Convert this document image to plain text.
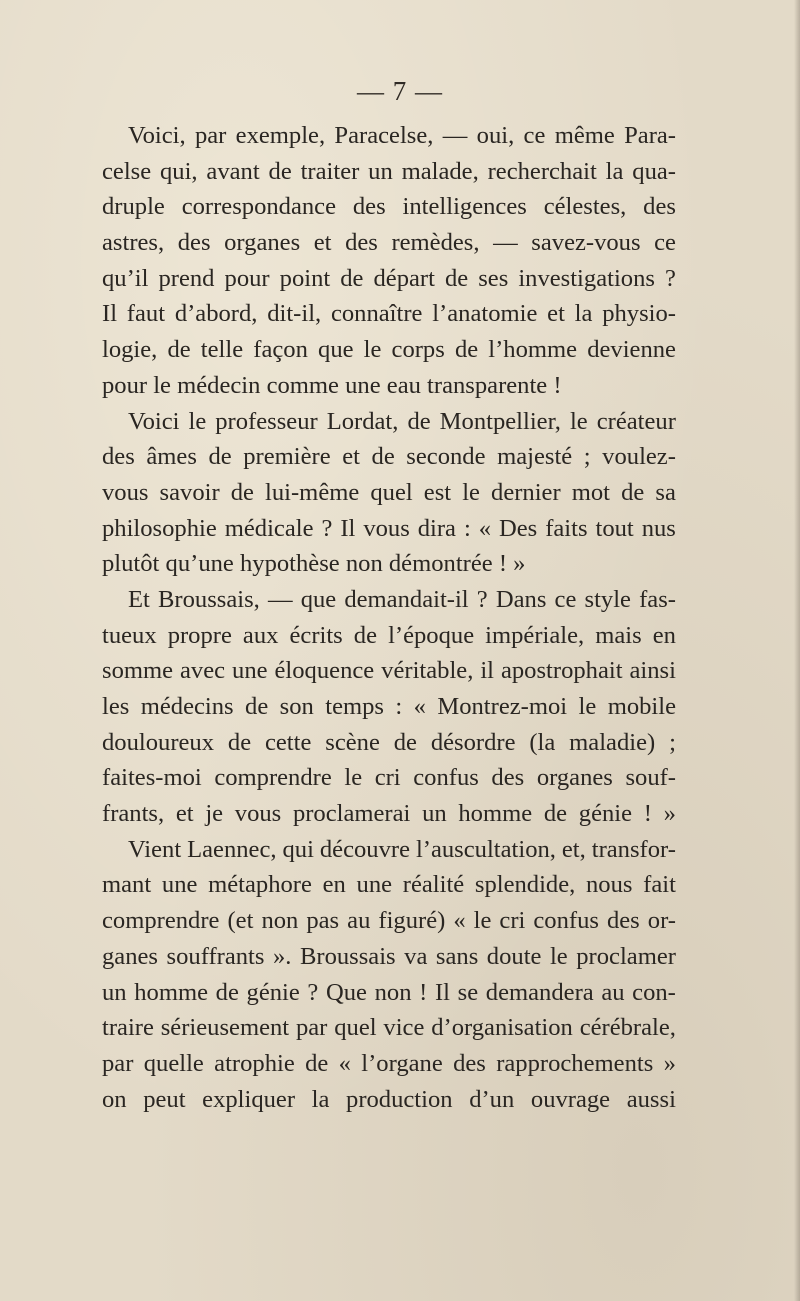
— 7 —
Voici, par exemple, Paracelse, — oui, ce même Para-
celse qui, avant de traiter un malade, recherchait la qua-
druple correspondance des intelligences célestes, des
astres, des organes et des remèdes, — savez-vous ce
qu’il prend pour point de départ de ses investigations ?
Il faut d’abord, dit-il, connaître l’anatomie et la physio-
logie, de telle façon que le corps de l’homme devienne
pour le médecin comme une eau transparente !
Voici le professeur Lordat, de Montpellier, le créateur
des âmes de première et de seconde majesté ; voulez-
vous savoir de lui-même quel est le dernier mot de sa
philosophie médicale ? Il vous dira : « Des faits tout nus
plutôt qu’une hypothèse non démontrée ! »
Et Broussais, — que demandait-il ? Dans ce style fas-
tueux propre aux écrits de l’époque impériale, mais en
somme avec une éloquence véritable, il apostrophait ainsi
les médecins de son temps : « Montrez-moi le mobile
douloureux de cette scène de désordre (la maladie) ;
faites-moi comprendre le cri confus des organes souf-
frants, et je vous proclamerai un homme de génie ! »
Vient Laennec, qui découvre l’auscultation, et, transfor-
mant une métaphore en une réalité splendide, nous fait
comprendre (et non pas au figuré) « le cri confus des or-
ganes souffrants ». Broussais va sans doute le proclamer
un homme de génie ? Que non ! Il se demandera au con-
traire sérieusement par quel vice d’organisation cérébrale,
par quelle atrophie de « l’organe des rapprochements »
on peut expliquer la production d’un ouvrage aussi
